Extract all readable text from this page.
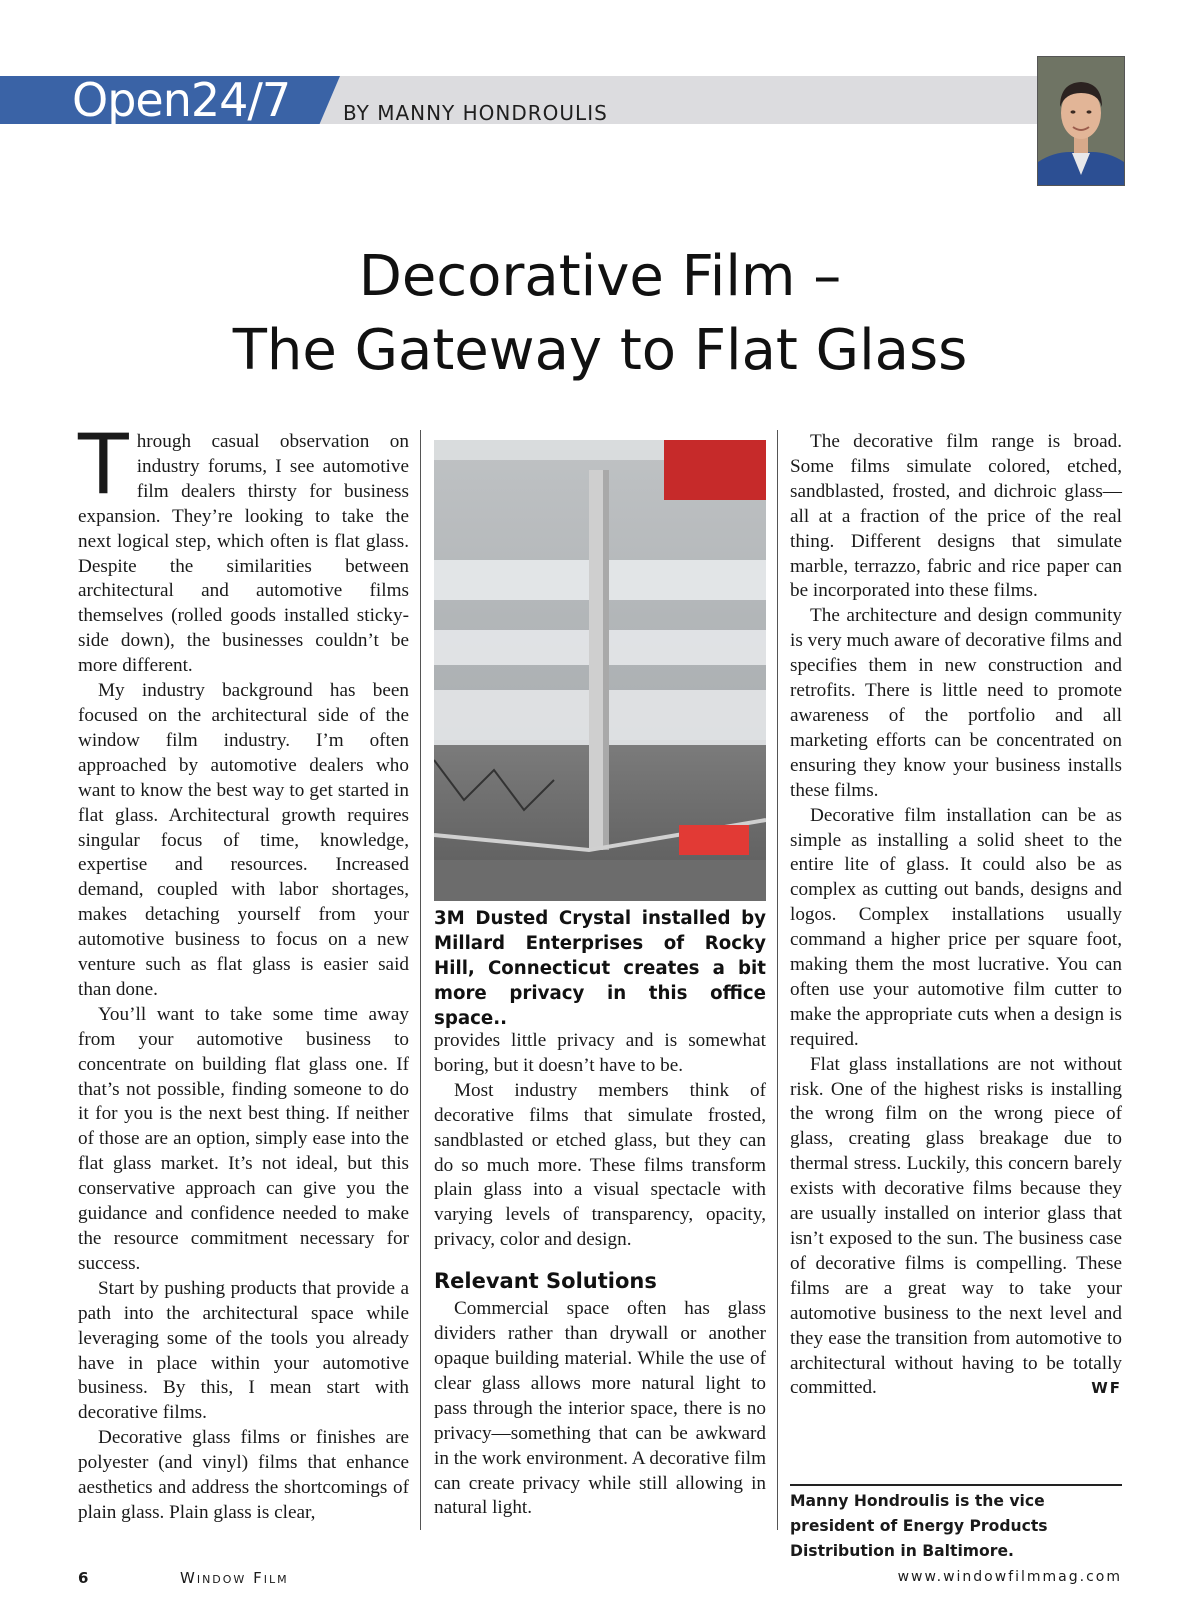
Open24/7	BY MANNY HONDROULIS
Decorative Film –
The Gateway to Flat Glass

Through casual observation on industry forums, I see automotive film dealers thirsty for business expansion. They’re looking to take the next logical step, which often is flat glass. Despite the similarities between architectural and automotive films themselves (rolled goods installed sticky-side down), the businesses couldn’t be more different.

My industry background has been focused on the architectural side of the window film industry. I’m often approached by automotive dealers who want to know the best way to get started in flat glass. Architectural growth requires singular focus of time, knowledge, expertise and resources. Increased demand, coupled with labor shortages, makes detaching yourself from your automotive business to focus on a new venture such as flat glass is easier said than done.

You’ll want to take some time away from your automotive business to concentrate on building flat glass one. If that’s not possible, finding someone to do it for you is the next best thing. If neither of those are an option, simply ease into the flat glass market. It’s not ideal, but this conservative approach can give you the guidance and confidence needed to make the resource commitment necessary for success.

Start by pushing products that provide a path into the architectural space while leveraging some of the tools you already have in place within your automotive business. By this, I mean start with decorative films.

Decorative glass films or finishes are polyester (and vinyl) films that enhance aesthetics and address the shortcomings of plain glass. Plain glass is clear,

3M Dusted Crystal installed by Millard Enterprises of Rocky Hill, Connecticut creates a bit more privacy in this office space..

provides little privacy and is somewhat boring, but it doesn’t have to be.

Most industry members think of decorative films that simulate frosted, sandblasted or etched glass, but they can do so much more. These films transform plain glass into a visual spectacle with varying levels of transparency, opacity, privacy, color and design.

Relevant Solutions

Commercial space often has glass dividers rather than drywall or another opaque building material. While the use of clear glass allows more natural light to pass through the interior space, there is no privacy—something that can be awkward in the work environment. A decorative film can create privacy while still allowing in natural light.

The decorative film range is broad. Some films simulate colored, etched, sandblasted, frosted, and dichroic glass—all at a fraction of the price of the real thing. Different designs that simulate marble, terrazzo, fabric and rice paper can be incorporated into these films.

The architecture and design community is very much aware of decorative films and specifies them in new construction and retrofits. There is little need to promote awareness of the portfolio and all marketing efforts can be concentrated on ensuring they know your business installs these films.

Decorative film installation can be as simple as installing a solid sheet to the entire lite of glass. It could also be as complex as cutting out bands, designs and logos. Complex installations usually command a higher price per square foot, making them the most lucrative. You can often use your automotive film cutter to make the appropriate cuts when a design is required.

Flat glass installations are not without risk. One of the highest risks is installing the wrong film on the wrong piece of glass, creating glass breakage due to thermal stress. Luckily, this concern barely exists with decorative films because they are usually installed on interior glass that isn’t exposed to the sun. The business case of decorative films is compelling. These films are a great way to take your automotive business to the next level and they ease the transition from automotive to architectural without having to be totally committed.	WF

Manny Hondroulis is the vice president of Energy Products Distribution in Baltimore.
6	Window Film	www.windowfilmmag.com
